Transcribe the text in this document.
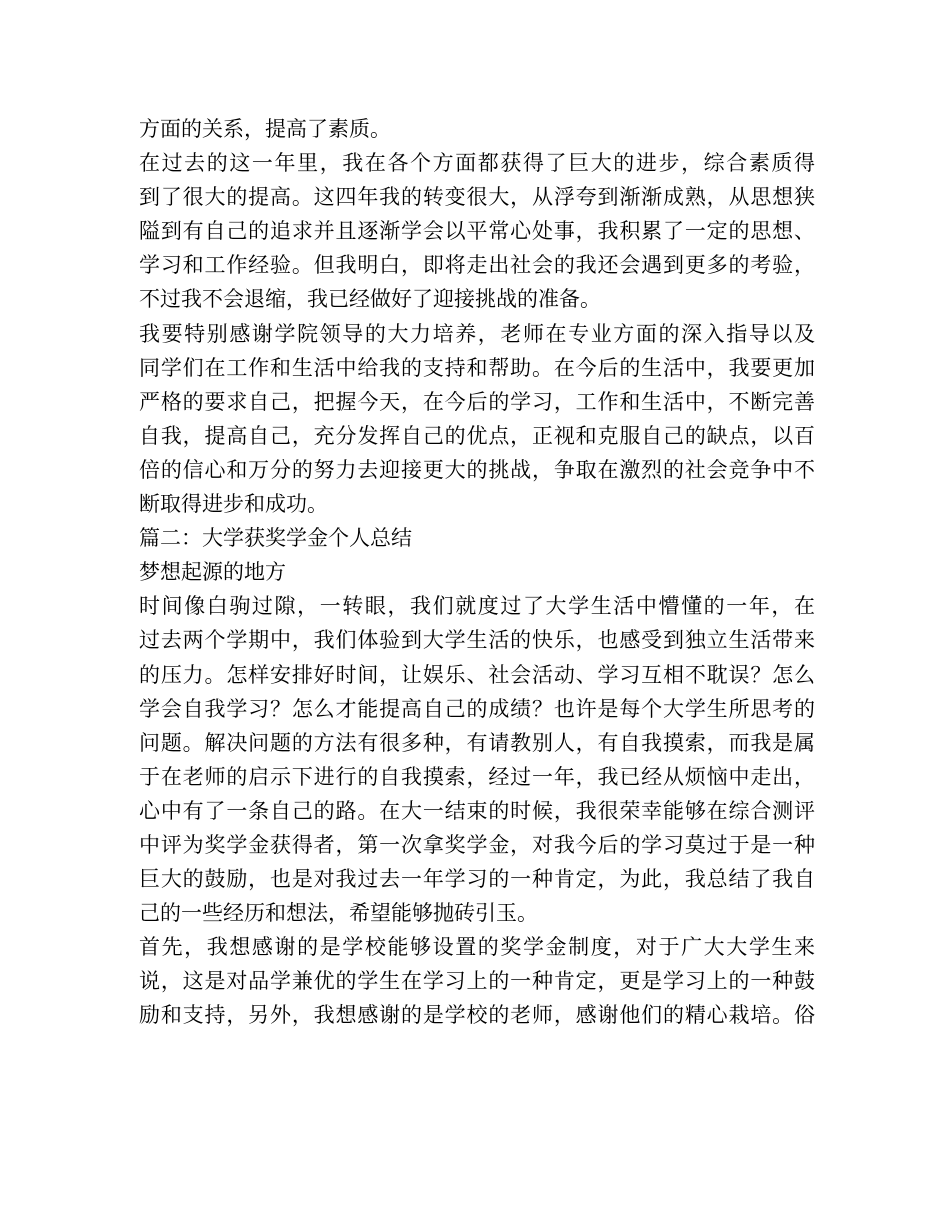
方面的关系，提高了素质。
在过去的这一年里，我在各个方面都获得了巨大的进步，综合素质得
到了很大的提高。这四年我的转变很大，从浮夸到渐渐成熟，从思想狭
隘到有自己的追求并且逐渐学会以平常心处事，我积累了一定的思想、
学习和工作经验。但我明白，即将走出社会的我还会遇到更多的考验，
不过我不会退缩，我已经做好了迎接挑战的准备。
我要特别感谢学院领导的大力培养，老师在专业方面的深入指导以及
同学们在工作和生活中给我的支持和帮助。在今后的生活中，我要更加
严格的要求自己，把握今天，在今后的学习，工作和生活中，不断完善
自我，提高自己，充分发挥自己的优点，正视和克服自己的缺点，以百
倍的信心和万分的努力去迎接更大的挑战，争取在激烈的社会竞争中不
断取得进步和成功。
篇二：大学获奖学金个人总结
梦想起源的地方
时间像白驹过隙，一转眼，我们就度过了大学生活中懵懂的一年，在
过去两个学期中，我们体验到大学生活的快乐，也感受到独立生活带来
的压力。怎样安排好时间，让娱乐、社会活动、学习互相不耽误？怎么
学会自我学习？怎么才能提高自己的成绩？也许是每个大学生所思考的
问题。解决问题的方法有很多种，有请教别人，有自我摸索，而我是属
于在老师的启示下进行的自我摸索，经过一年，我已经从烦恼中走出，
心中有了一条自己的路。在大一结束的时候，我很荣幸能够在综合测评
中评为奖学金获得者，第一次拿奖学金，对我今后的学习莫过于是一种
巨大的鼓励，也是对我过去一年学习的一种肯定，为此，我总结了我自
己的一些经历和想法，希望能够抛砖引玉。
首先，我想感谢的是学校能够设置的奖学金制度，对于广大大学生来
说，这是对品学兼优的学生在学习上的一种肯定，更是学习上的一种鼓
励和支持，另外，我想感谢的是学校的老师，感谢他们的精心栽培。俗
